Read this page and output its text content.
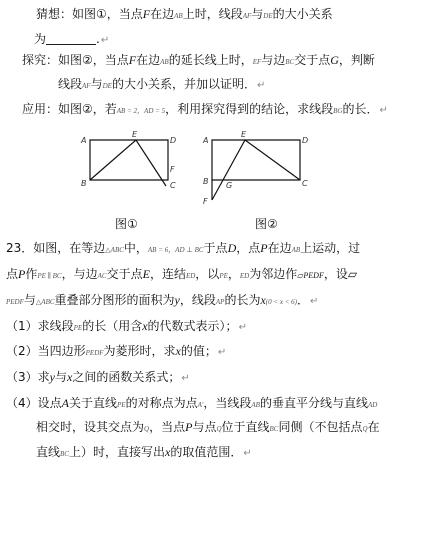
猜想：如图①，当点F在边AB上时，线段AF与DE的大小关系
为	.↵
探究：如图②，当点F在边AB的延长线上时，EF与边BC交于点G，判断
线段AF与DE的大小关系，并加以证明．↵
应用：如图②，若AB = 2，AD = 5，利用探究得到的结论，求线段BG的长．↵
A
E
D
B
F
C
图①
A
E
D
B G	C
F
图②
23．如图，在等边△ABC中，AB = 6，AD ⊥ BC于点D，点P在边AB上运动，过
点P作PE ∥ BC，与边AC交于点E，连结ED，以PE，ED为邻边作▱PEDF，设▱
PEDF与△ABC重叠部分图形的面积为y，线段AP的长为x(0 < x < 6)．↵
（1）求线段PE的长（用含x的代数式表示）；↵
（2）当四边形PEDF为菱形时，求x的值；↵
（3）求y与x之间的函数关系式；↵
（4）设点A关于直线PE的对称点为点A′，当线段AB的垂直平分线与直线AD
相交时，设其交点为Q，当点P与点Q位于直线BC同侧（不包括点Q在
直线BC上）时，直接写出x的取值范围．↵
